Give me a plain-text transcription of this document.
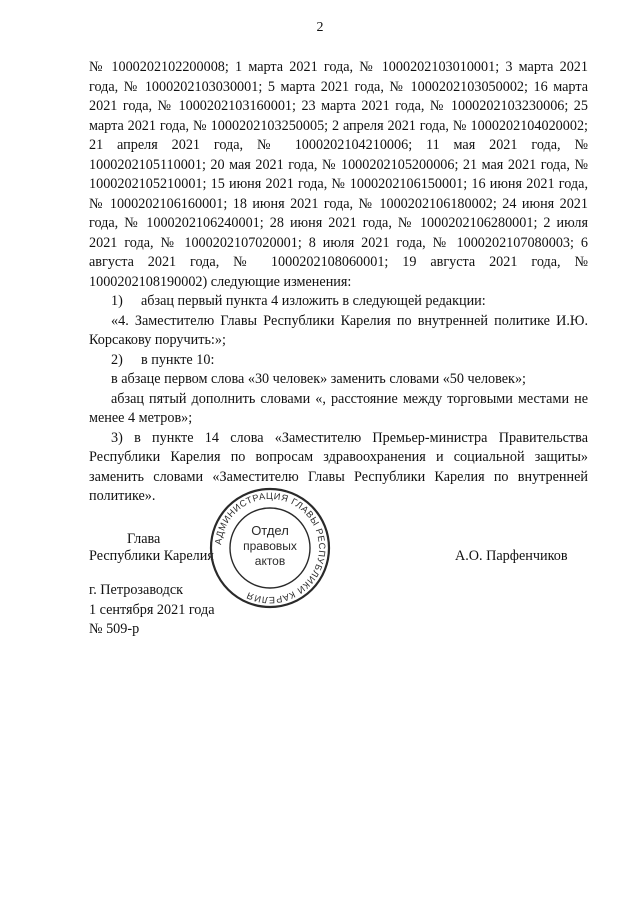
2

№ 1000202102200008; 1 марта 2021 года, № 1000202103010001; 3 марта 2021 года, № 1000202103030001; 5 марта 2021 года, № 1000202103050002; 16 марта 2021 года, № 1000202103160001; 23 марта 2021 года, № 1000202103230006; 25 марта 2021 года, № 1000202103250005; 2 апреля 2021 года, № 1000202104020002; 21 апреля 2021 года, № 1000202104210006; 11 мая 2021 года, № 1000202105110001; 20 мая 2021 года, № 1000202105200006; 21 мая 2021 года, № 1000202105210001; 15 июня 2021 года, № 1000202106150001; 16 июня 2021 года, № 1000202106160001; 18 июня 2021 года, № 1000202106180002; 24 июня 2021 года, № 1000202106240001; 28 июня 2021 года, № 1000202106280001; 2 июля 2021 года, № 1000202107020001; 8 июля 2021 года, № 1000202107080003; 6 августа 2021 года, № 1000202108060001; 19 августа 2021 года, № 1000202108190002) следующие изменения:

1) абзац первый пункта 4 изложить в следующей редакции:

«4. Заместителю Главы Республики Карелия по внутренней политике И.Ю. Корсакову поручить:»;

2) в пункте 10:

в абзаце первом слова «30 человек» заменить словами «50 человек»;

абзац пятый дополнить словами «, расстояние между торговыми местами не менее 4 метров»;

3) в пункте 14 слова «Заместителю Премьер-министра Правительства Республики Карелия по вопросам здравоохранения и социальной защиты» заменить словами «Заместителю Главы Республики Карелия по внутренней политике».

Глава
Республики Карелия	А.О. Парфенчиков
АДМИНИСТРАЦИЯ ГЛАВЫ РЕСПУБЛИКИ КАРЕЛИЯ
Отдел
правовых
актов
г. Петрозаводск
1 сентября 2021 года
№ 509-р
